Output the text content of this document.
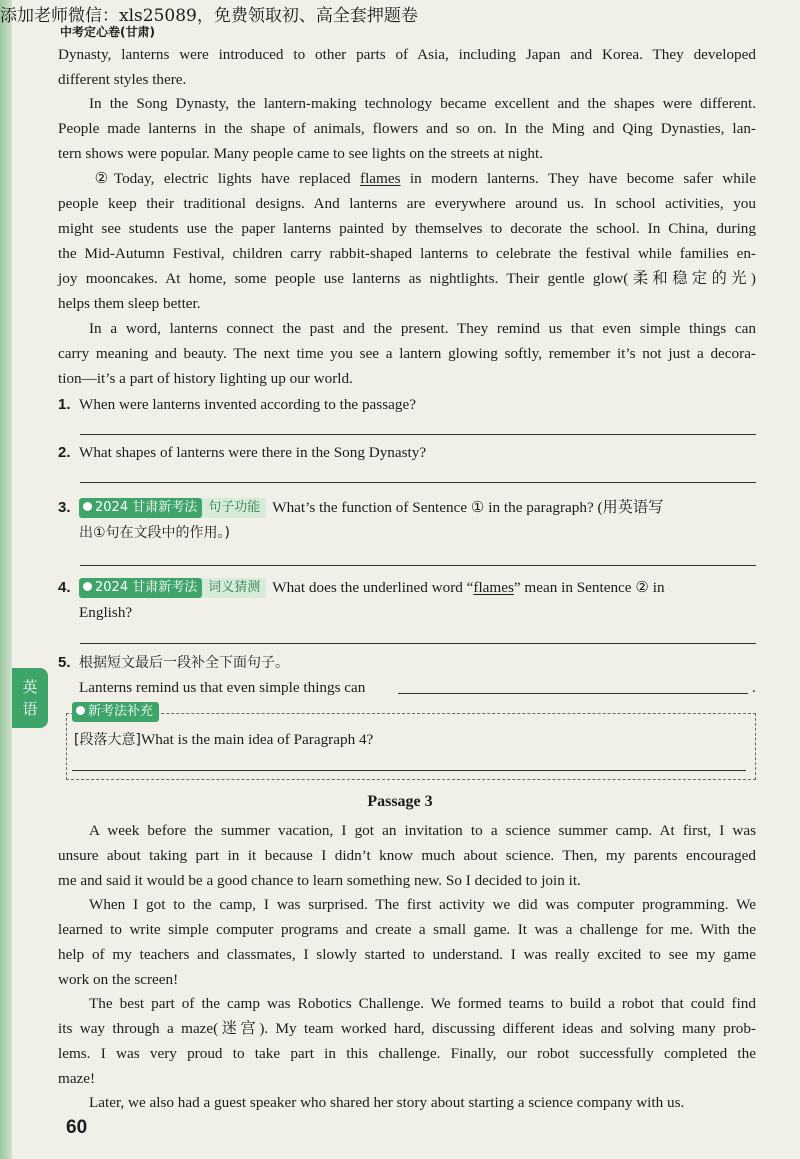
添加老师微信：xls25089，免费领取初、高全套押题卷
中考定心卷(甘肃)
Dynasty, lanterns were introduced to other parts of Asia, including Japan and Korea. They developed
different styles there.
In the Song Dynasty, the lantern-making technology became excellent and the shapes were different.
People made lanterns in the shape of animals, flowers and so on. In the Ming and Qing Dynasties, lan-
tern shows were popular. Many people came to see lights on the streets at night.
②Today, electric lights have replaced flames in modern lanterns. They have become safer while
people keep their traditional designs. And lanterns are everywhere around us. In school activities, you
might see students use the paper lanterns painted by themselves to decorate the school. In China, during
the Mid-Autumn Festival, children carry rabbit-shaped lanterns to celebrate the festival while families en-
joy mooncakes. At home, some people use lanterns as nightlights. Their gentle glow(柔和稳定的光)
helps them sleep better.
In a word, lanterns connect the past and the present. They remind us that even simple things can
carry meaning and beauty. The next time you see a lantern glowing softly, remember it’s not just a decora-
tion—it’s a part of history lighting up our world.
1. When were lanterns invented according to the passage?
2. What shapes of lanterns were there in the Song Dynasty?
3.	2024 甘肃新考法 句子功能 What’s the function of Sentence ① in the paragraph? (用英语写
出①句在文段中的作用。)
4.	2024 甘肃新考法 词义猜测 What does the underlined word “flames” mean in Sentence ② in
English?
5. 根据短文最后一段补全下面句子。
Lanterns remind us that even simple things can	.
英
语	新考法补充
[段落大意]What is the main idea of Paragraph 4?
Passage 3
A week before the summer vacation, I got an invitation to a science summer camp. At first, I was
unsure about taking part in it because I didn’t know much about science. Then, my parents encouraged
me and said it would be a good chance to learn something new. So I decided to join it.
When I got to the camp, I was surprised. The first activity we did was computer programming. We
learned to write simple computer programs and create a small game. It was a challenge for me. With the
help of my teachers and classmates, I slowly started to understand. I was really excited to see my game
work on the screen!
The best part of the camp was Robotics Challenge. We formed teams to build a robot that could find
its way through a maze(迷宫). My team worked hard, discussing different ideas and solving many prob-
lems. I was very proud to take part in this challenge. Finally, our robot successfully completed the
maze!
Later, we also had a guest speaker who shared her story about starting a science company with us.
60
